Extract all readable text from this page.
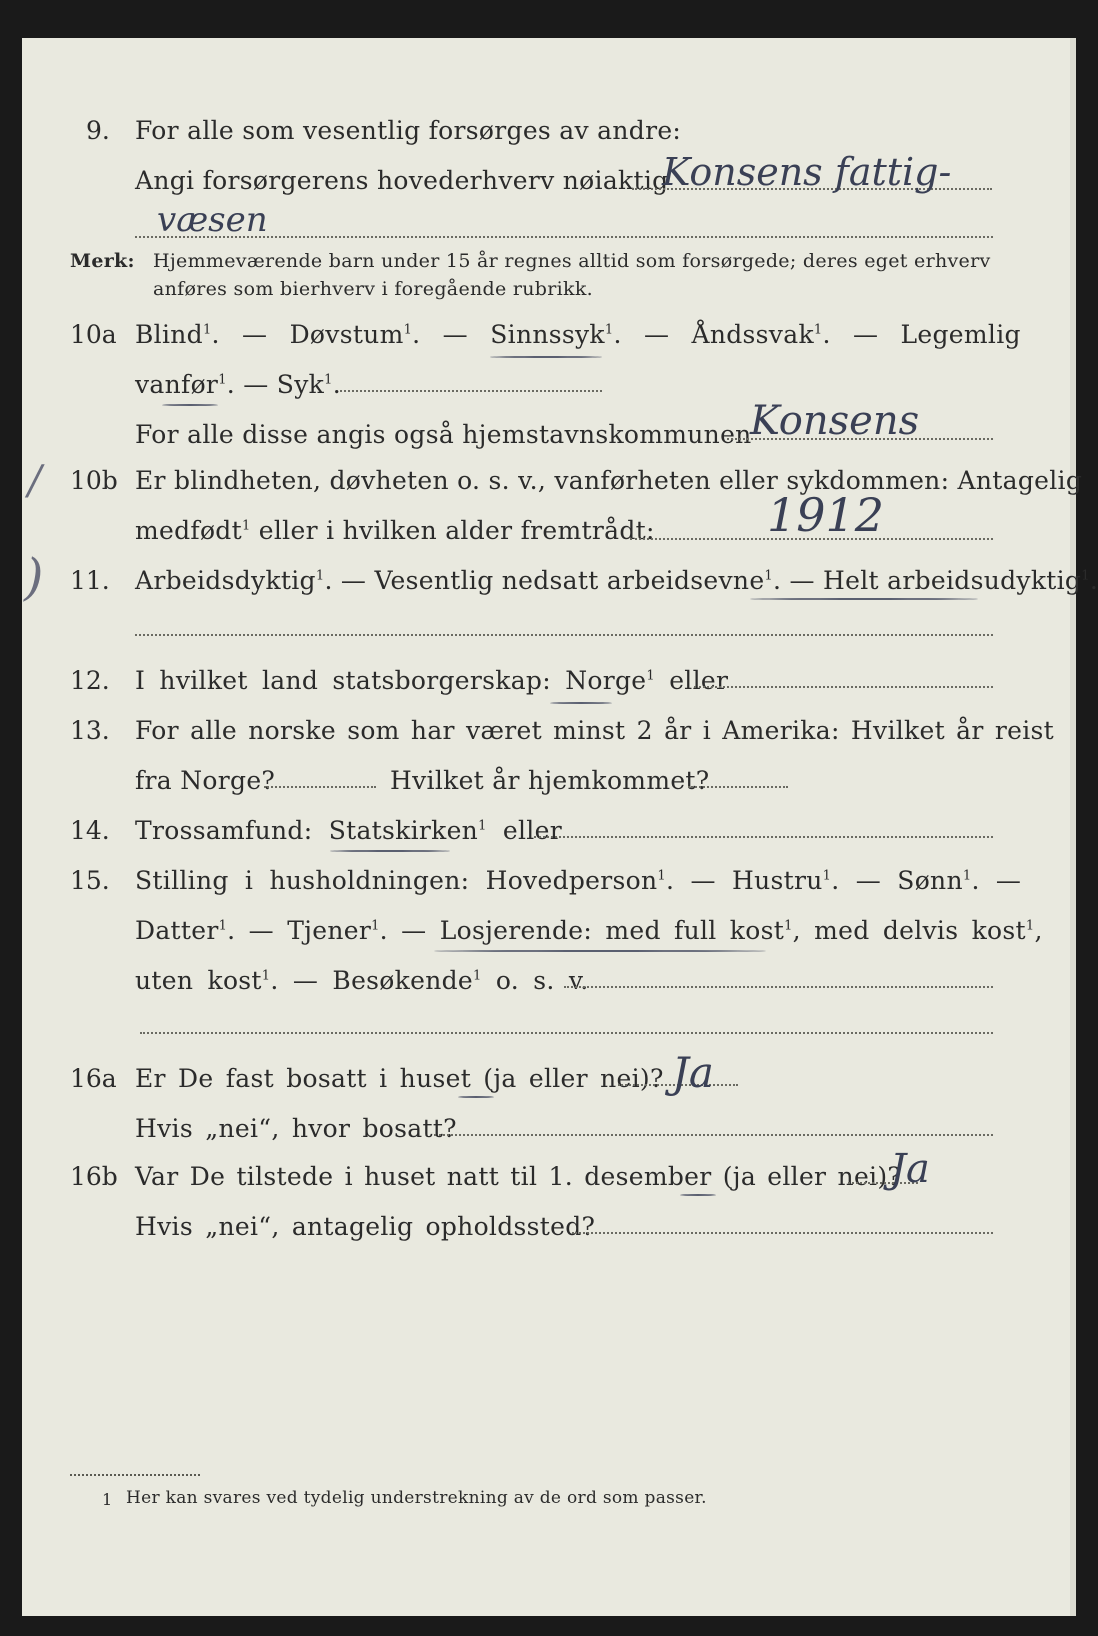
9. For alle som vesentlig forsørges av andre:
Angi forsørgerens hovederhverv nøiaktig
Konsens fattig-
væsen
Merk: Hjemmeværende barn under 15 år regnes alltid som forsørgede; deres eget erhverv
anføres som bierhverv i foregående rubrikk.
10a Blind$^1$. — Døvstum$^1$. — Sinnssyk$^1$. — Åndssvak$^1$. — Legemlig
vanfør$^1$. — Syk$^1$.
For alle disse angis også hjemstavnskommunen
Konsens
10b Er blindheten, døvheten o. s. v., vanførheten eller sykdommen: Antagelig
medfødt$^1$ eller i hvilken alder fremtrådt: 1912
11. Arbeidsdyktig$^1$. — Vesentlig nedsatt arbeidsevne$^1$. — Helt arbeidsudyktig$^1$.
12. I hvilket land statsborgerskap: Norge$^1$ eller
13. For alle norske som har været minst 2 år i Amerika: Hvilket år reist
fra Norge?	Hvilket år hjemkommet?
14. Trossamfund: Statskirken$^1$ eller
15. Stilling i husholdningen: Hovedperson$^1$. — Hustru$^1$. — Sønn$^1$. —
Datter$^1$. — Tjener$^1$. — Losjerende: med full kost$^1$, med delvis kost$^1$,
uten kost$^1$. — Besøkende$^1$ o. s. v.
16a Er De fast bosatt i huset (ja eller nei)? Ja
Hvis „nei“, hvor bosatt?
16b Var De tilstede i huset natt til 1. desember (ja eller nei)?
Ja
Hvis „nei“, antagelig opholdssted?
/
)
1 Her kan svares ved tydelig understrekning av de ord som passer.
